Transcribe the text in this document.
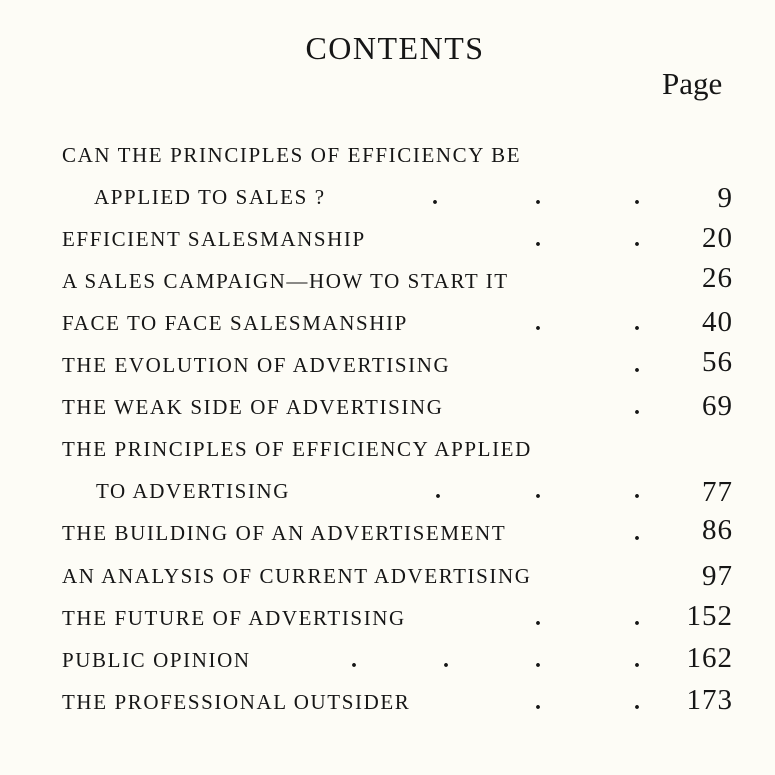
CONTENTS
Page
CAN THE PRINCIPLES OF EFFICIENCY BE
APPLIED TO SALES ?	.	.	.	9
EFFICIENT SALESMANSHIP	.	. 20
A SALES CAMPAIGN—HOW TO START IT	26
FACE TO FACE SALESMANSHIP	.	. 40
THE EVOLUTION OF ADVERTISING	. 56
THE WEAK SIDE OF ADVERTISING	. 69
THE PRINCIPLES OF EFFICIENCY APPLIED
TO ADVERTISING	.	.	. 77
THE BUILDING OF AN ADVERTISEMENT	. 86
AN ANALYSIS OF CURRENT ADVERTISING	97
THE FUTURE OF ADVERTISING	.	. 152
PUBLIC OPINION	.	.	.	. 162
THE PROFESSIONAL OUTSIDER	.	. 173
